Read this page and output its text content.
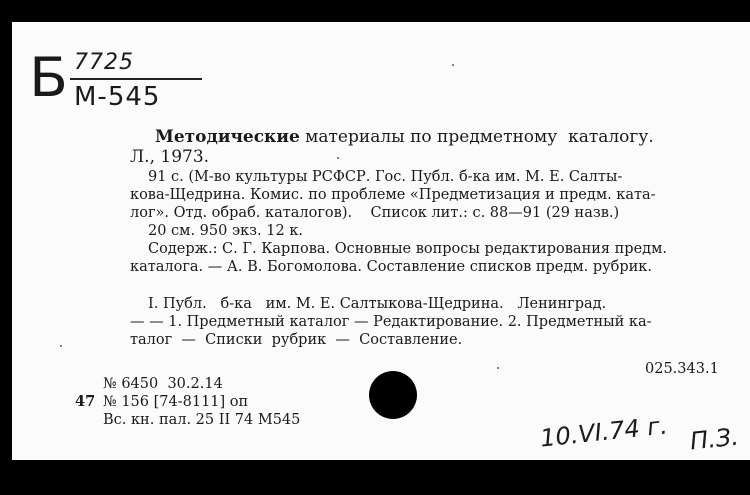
Б 7725
М-545
Методические материалы по предметному  каталогу.
Л., 1973.
91 с. (М-во культуры РСФСР. Гос. Публ. б-ка им. М. Е. Салты-
кова-Щедрина. Комис. по проблеме «Предметизация и предм. ката-
лог». Отд. обраб. каталогов).    Список лит.: с. 88—91 (29 назв.)
20 см. 950 экз. 12 к.
Содерж.: С. Г. Карпова. Основные вопросы редактирования предм.
каталога. — А. В. Богомолова. Составление списков предм. рубрик.
I. Публ.   б-ка   им. М. Е. Салтыкова-Щедрина.   Ленинград.
— — 1. Предметный каталог — Редактирование. 2. Предметный ка-
талог  —  Списки  рубрик  —  Составление.
025.343.1
№ 6450  30.2.14
47 № 156 [74-8111] оп
Вс. кн. пал. 25 II 74 М545	10.VI.74 г. П.З.
